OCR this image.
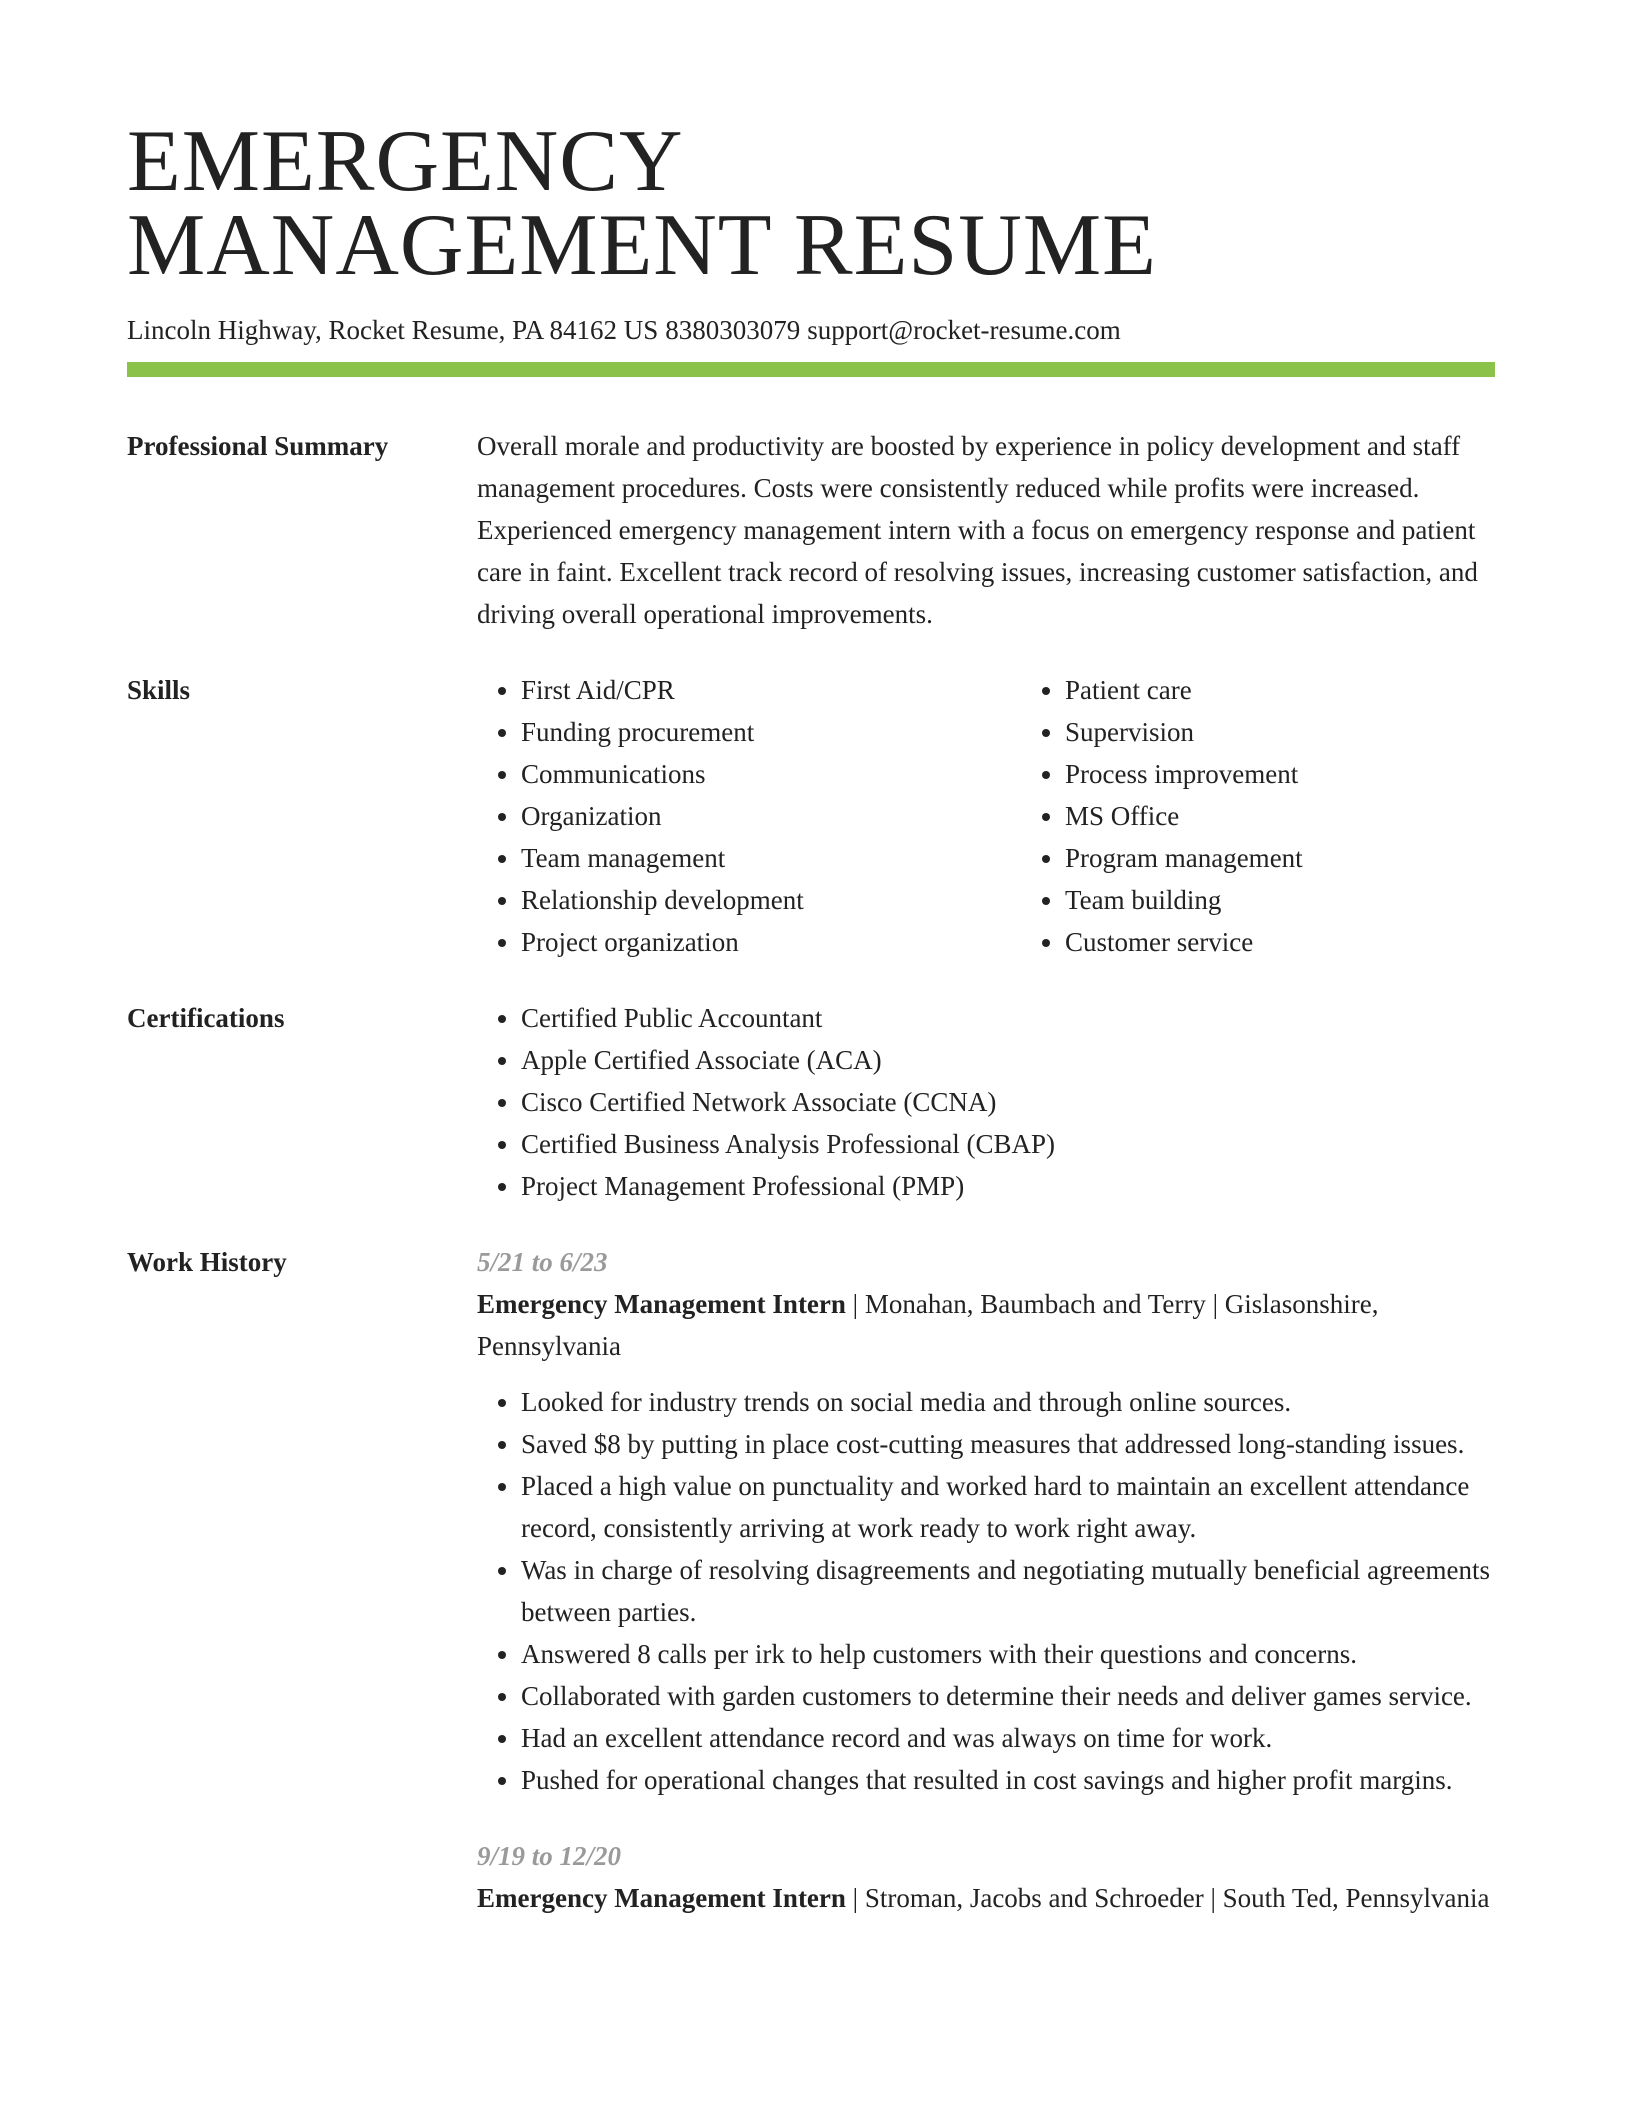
EMERGENCY
MANAGEMENT RESUME
Lincoln Highway, Rocket Resume, PA 84162 US 8380303079 support@rocket-resume.com
Professional Summary	Overall morale and productivity are boosted by experience in policy development and staff management procedures. Costs were consistently reduced while profits were increased. Experienced emergency management intern with a focus on emergency response and patient care in faint. Excellent track record of resolving issues, increasing customer satisfaction, and driving overall operational improvements.

Skills	• First Aid/CPR
• Funding procurement
• Communications
• Organization
• Team management
• Relationship development
• Project organization
• Patient care
• Supervision
• Process improvement
• MS Office
• Program management
• Team building
• Customer service
Certifications	• Certified Public Accountant
• Apple Certified Associate (ACA)
• Cisco Certified Network Associate (CCNA)
• Certified Business Analysis Professional (CBAP)
• Project Management Professional (PMP)
Work History	5/21 to 6/23
Emergency Management Intern | Monahan, Baumbach and Terry | Gislasonshire, Pennsylvania
• Looked for industry trends on social media and through online sources.
• Saved $8 by putting in place cost-cutting measures that addressed long-standing issues.
• Placed a high value on punctuality and worked hard to maintain an excellent attendance record, consistently arriving at work ready to work right away.
• Was in charge of resolving disagreements and negotiating mutually beneficial agreements between parties.
• Answered 8 calls per irk to help customers with their questions and concerns.
• Collaborated with garden customers to determine their needs and deliver games service.
• Had an excellent attendance record and was always on time for work.
• Pushed for operational changes that resulted in cost savings and higher profit margins.
9/19 to 12/20
Emergency Management Intern | Stroman, Jacobs and Schroeder | South Ted, Pennsylvania
